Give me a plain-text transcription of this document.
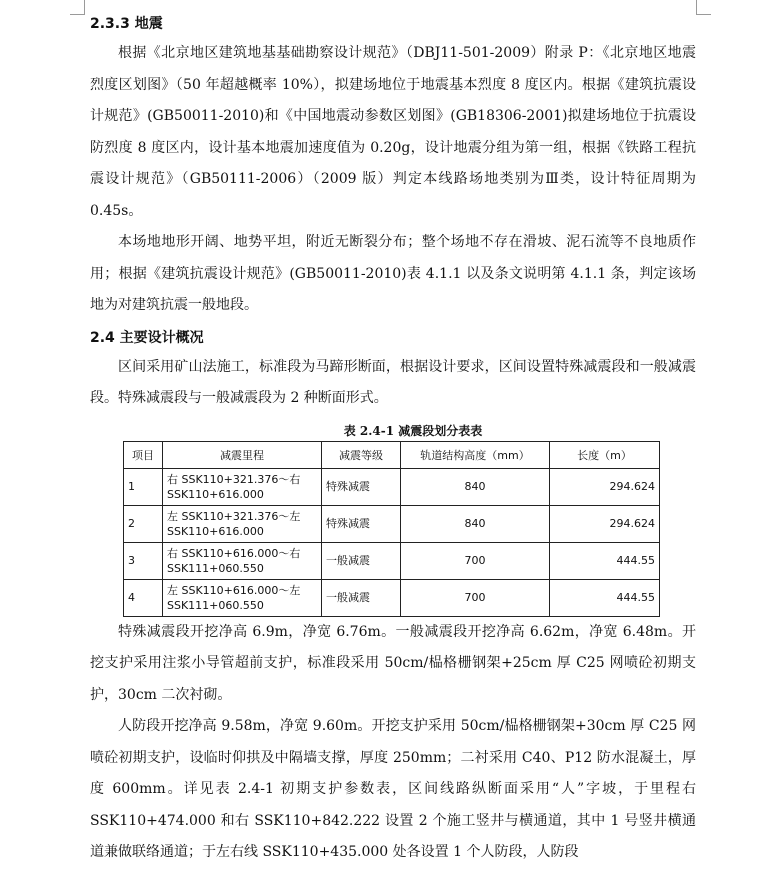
2.3.3 地震

根据《北京地区建筑地基基础勘察设计规范》（DBJ11-501-2009）附录 P：《北京地区地震烈度区划图》（50 年超越概率 10%），拟建场地位于地震基本烈度 8 度区内。根据《建筑抗震设计规范》(GB50011-2010)和《中国地震动参数区划图》(GB18306-2001)拟建场地位于抗震设防烈度 8 度区内，设计基本地震加速度值为 0.20g，设计地震分组为第一组，根据《铁路工程抗震设计规范》（GB50111-2006）（2009 版）判定本线路场地类别为Ⅲ类，设计特征周期为 0.45s。

本场地地形开阔、地势平坦，附近无断裂分布；整个场地不存在滑坡、泥石流等不良地质作用；根据《建筑抗震设计规范》(GB50011-2010)表 4.1.1 以及条文说明第 4.1.1 条，判定该场地为对建筑抗震一般地段。

2.4 主要设计概况

区间采用矿山法施工，标准段为马蹄形断面，根据设计要求，区间设置特殊减震段和一般减震段。特殊减震段与一般减震段为 2 种断面形式。

表 2.4-1 减震段划分表表
项目	减震里程	减震等级	轨道结构高度（mm）	长度（m）
1	右 SSK110+321.376～右
SSK110+616.000	特殊减震	840	294.624
2	左 SSK110+321.376～左
SSK110+616.000	特殊减震	840	294.624
3	右 SSK110+616.000～右
SSK111+060.550	一般减震	700	444.55
4	左 SSK110+616.000～左
SSK111+060.550	一般减震	700	444.55

特殊减震段开挖净高 6.9m，净宽 6.76m。一般减震段开挖净高 6.62m，净宽 6.48m。开挖支护采用注浆小导管超前支护，标准段采用 50cm/榀格栅钢架+25cm 厚 C25 网喷砼初期支护，30cm 二次衬砌。

人防段开挖净高 9.58m，净宽 9.60m。开挖支护采用 50cm/榀格栅钢架+30cm 厚 C25 网喷砼初期支护，设临时仰拱及中隔墙支撑，厚度 250mm；二衬采用 C40、P12 防水混凝土，厚度 600mm。详见表 2.4-1 初期支护参数表，区间线路纵断面采用“人”字坡，于里程右 SSK110+474.000 和右 SSK110+842.222 设置 2 个施工竖井与横通道，其中 1 号竖井横通道兼做联络通道；于左右线 SSK110+435.000 处各设置 1 个人防段，人防段
